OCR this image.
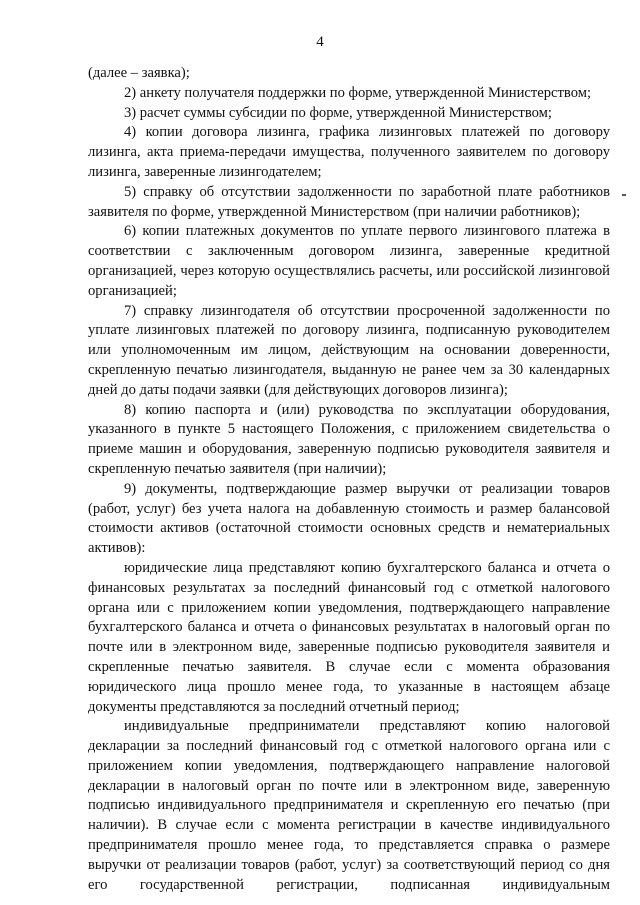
4

(далее – заявка);

2) анкету получателя поддержки по форме, утвержденной Министерством;

3) расчет суммы субсидии по форме, утвержденной Министерством;

4) копии договора лизинга, графика лизинговых платежей по договору лизинга, акта приема-передачи имущества, полученного заявителем по договору лизинга, заверенные лизингодателем;

5) справку об отсутствии задолженности по заработной плате работников заявителя по форме, утвержденной Министерством (при наличии работников);

6) копии платежных документов по уплате первого лизингового платежа в соответствии с заключенным договором лизинга, заверенные кредитной организацией, через которую осуществлялись расчеты, или российской лизинговой организацией;

7) справку лизингодателя об отсутствии просроченной задолженности по уплате лизинговых платежей по договору лизинга, подписанную руководителем или уполномоченным им лицом, действующим на основании доверенности, скрепленную печатью лизингодателя, выданную не ранее чем за 30 календарных дней до даты подачи заявки (для действующих договоров лизинга);

8) копию паспорта и (или) руководства по эксплуатации оборудования, указанного в пункте 5 настоящего Положения, с приложением свидетельства о приеме машин и оборудования, заверенную подписью руководителя заявителя и скрепленную печатью заявителя (при наличии);

9) документы, подтверждающие размер выручки от реализации товаров (работ, услуг) без учета налога на добавленную стоимость и размер балансовой стоимости активов (остаточной стоимости основных средств и нематериальных активов):

юридические лица представляют копию бухгалтерского баланса и отчета о финансовых результатах за последний финансовый год с отметкой налогового органа или с приложением копии уведомления, подтверждающего направление бухгалтерского баланса и отчета о финансовых результатах в налоговый орган по почте или в электронном виде, заверенные подписью руководителя заявителя и скрепленные печатью заявителя. В случае если с момента образования юридического лица прошло менее года, то указанные в настоящем абзаце документы представляются за последний отчетный период;

индивидуальные предприниматели представляют копию налоговой декларации за последний финансовый год с отметкой налогового органа или с приложением копии уведомления, подтверждающего направление налоговой декларации в налоговый орган по почте или в электронном виде, заверенную подписью индивидуального предпринимателя и скрепленную его печатью (при наличии). В случае если с момента регистрации в качестве индивидуального предпринимателя прошло менее года, то представляется справка о размере выручки от реализации товаров (работ, услуг) за соответствующий период со дня его государственной регистрации, подписанная индивидуальным
